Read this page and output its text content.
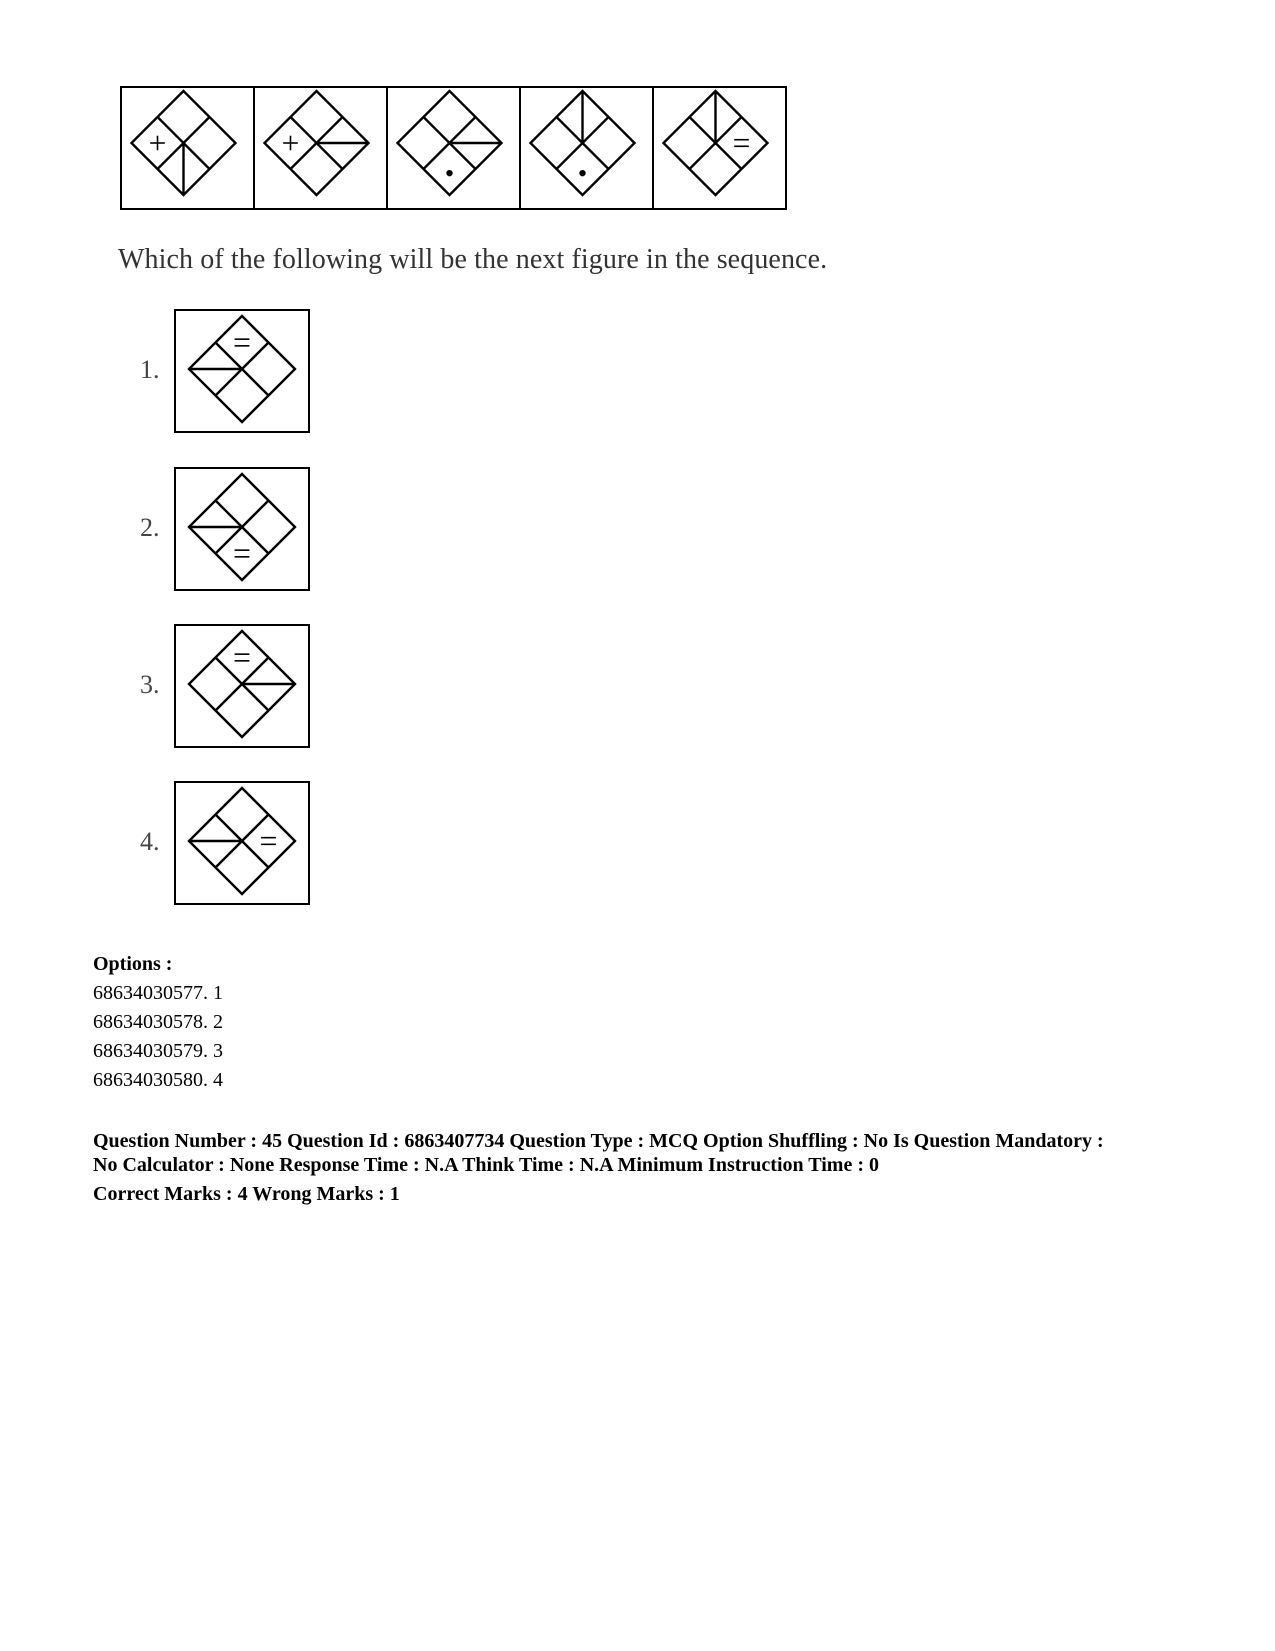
Which of the following will be the next figure in the sequence.
1.
2.
3.
4.
Options :
68634030577. 1
68634030578. 2
68634030579. 3
68634030580. 4
Question Number : 45 Question Id : 6863407734 Question Type : MCQ Option Shuffling : No Is Question Mandatory :
No Calculator : None Response Time : N.A Think Time : N.A Minimum Instruction Time : 0
Correct Marks : 4 Wrong Marks : 1
